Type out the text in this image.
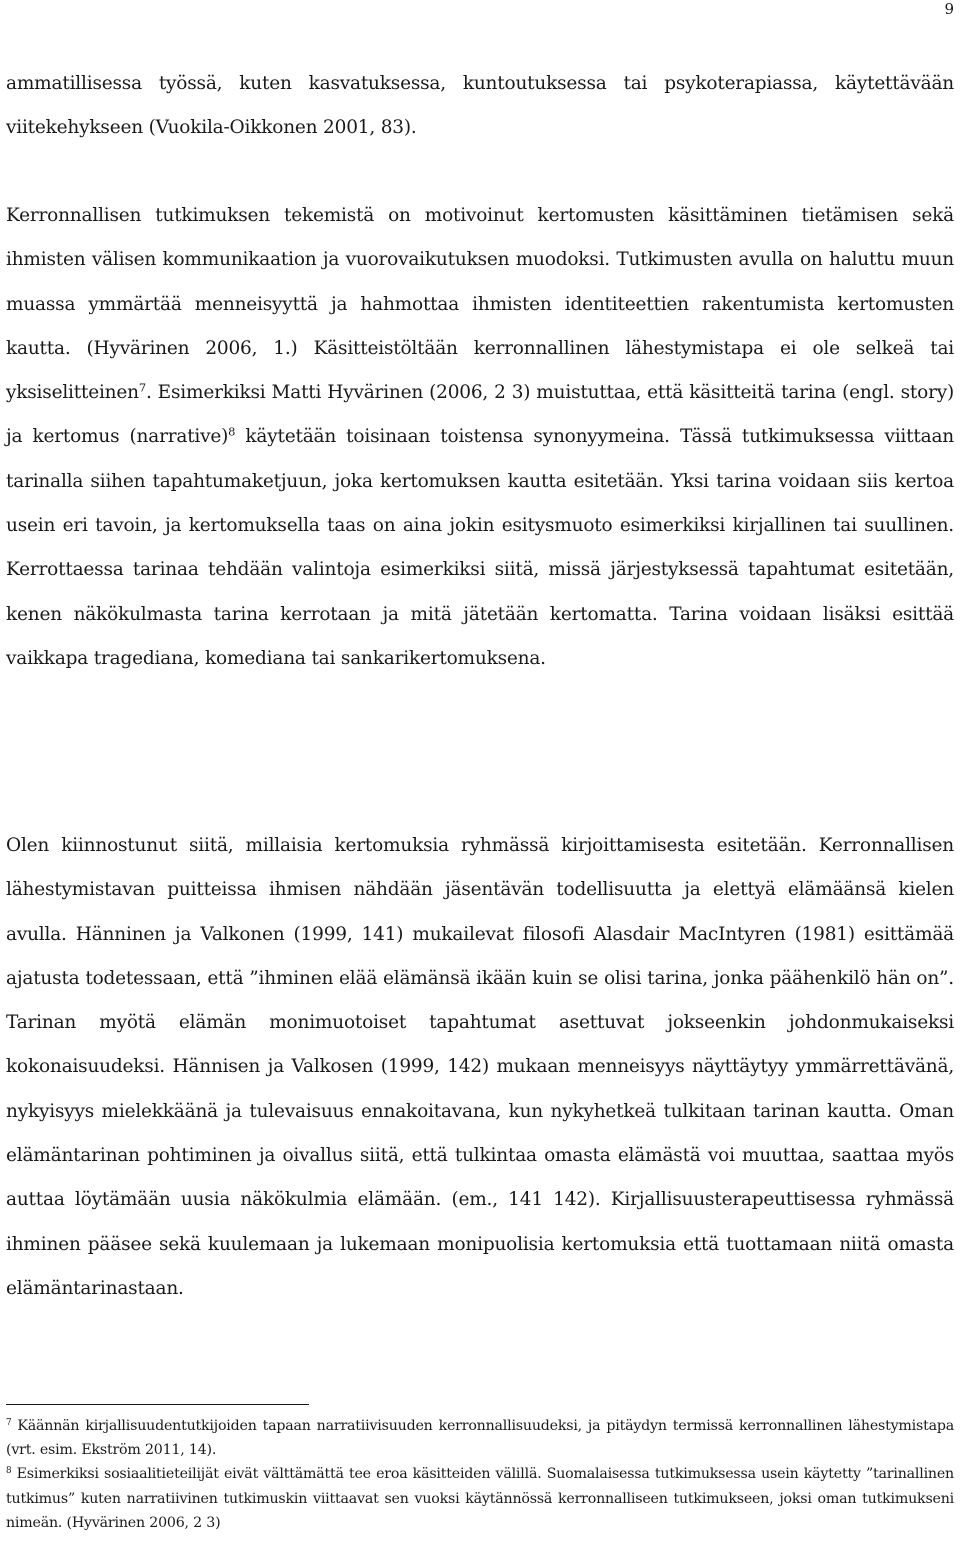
9

ammatillisessa työssä, kuten kasvatuksessa, kuntoutuksessa tai psykoterapiassa, käytettävään viitekehykseen (Vuokila-Oikkonen 2001, 83).

Kerronnallisen tutkimuksen tekemistä on motivoinut kertomusten käsittäminen tietämisen sekä ihmisten välisen kommunikaation ja vuorovaikutuksen muodoksi. Tutkimusten avulla on haluttu muun muassa ymmärtää menneisyyttä ja hahmottaa ihmisten identiteettien rakentumista kertomusten kautta. (Hyvärinen 2006, 1.) Käsitteistöltään kerronnallinen lähestymistapa ei ole selkeä tai yksiselitteinen$^7$. Esimerkiksi Matti Hyvärinen (2006, 2 3) muistuttaa, että käsitteitä tarina (engl. story) ja kertomus (narrative)$^8$ käytetään toisinaan toistensa synonyymeina. Tässä tutkimuksessa viittaan tarinalla siihen tapahtumaketjuun, joka kertomuksen kautta esitetään. Yksi tarina voidaan siis kertoa usein eri tavoin, ja kertomuksella taas on aina jokin esitysmuoto esimerkiksi kirjallinen tai suullinen. Kerrottaessa tarinaa tehdään valintoja esimerkiksi siitä, missä järjestyksessä tapahtumat esitetään, kenen näkökulmasta tarina kerrotaan ja mitä jätetään kertomatta. Tarina voidaan lisäksi esittää vaikkapa tragediana, komediana tai sankarikertomuksena.

Olen kiinnostunut siitä, millaisia kertomuksia ryhmässä kirjoittamisesta esitetään. Kerronnallisen lähestymistavan puitteissa ihmisen nähdään jäsentävän todellisuutta ja elettyä elämäänsä kielen avulla. Hänninen ja Valkonen (1999, 141) mukailevat filosofi Alasdair MacIntyren (1981) esittämää ajatusta todetessaan, että ”ihminen elää elämänsä ikään kuin se olisi tarina, jonka päähenkilö hän on”. Tarinan myötä elämän monimuotoiset tapahtumat asettuvat jokseenkin johdonmukaiseksi kokonaisuudeksi. Hännisen ja Valkosen (1999, 142) mukaan menneisyys näyttäytyy ymmärrettävänä, nykyisyys mielekkäänä ja tulevaisuus ennakoitavana, kun nykyhetkeä tulkitaan tarinan kautta. Oman elämäntarinan pohtiminen ja oivallus siitä, että tulkintaa omasta elämästä voi muuttaa, saattaa myös auttaa löytämään uusia näkökulmia elämään. (em., 141 142). Kirjallisuusterapeuttisessa ryhmässä ihminen pääsee sekä kuulemaan ja lukemaan monipuolisia kertomuksia että tuottamaan niitä omasta elämäntarinastaan.

$^7$ Käännän kirjallisuudentutkijoiden tapaan narratiivisuuden kerronnallisuudeksi, ja pitäydyn termissä kerronnallinen lähestymistapa (vrt. esim. Ekström 2011, 14).

$^8$ Esimerkiksi sosiaalitieteilijät eivät välttämättä tee eroa käsitteiden välillä. Suomalaisessa tutkimuksessa usein käytetty ”tarinallinen tutkimus” kuten narratiivinen tutkimuskin viittaavat sen vuoksi käytännössä kerronnalliseen tutkimukseen, joksi oman tutkimukseni nimeän. (Hyvärinen 2006, 2 3)
